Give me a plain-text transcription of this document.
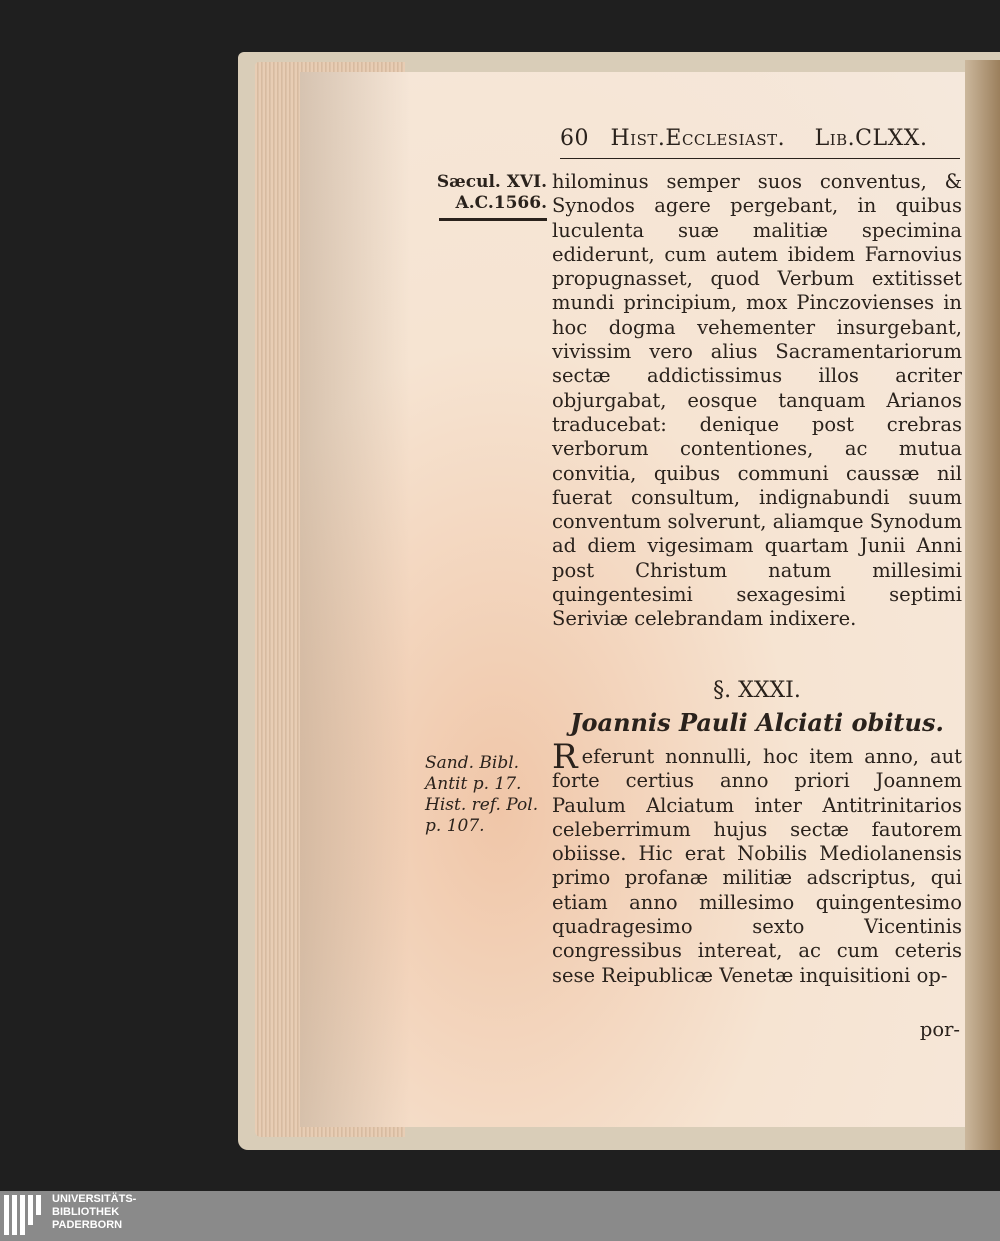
60 Hist.Ecclesiast. Lib.CLXX.
Sæcul. XVI.
A.C.1566.

hilominus semper suos conventus, & Synodos agere pergebant, in quibus luculenta suæ malitiæ specimina ediderunt, cum autem ibidem Farnovius propugnasset, quod Verbum extitisset mundi principium, mox Pinczovienses in hoc dogma vehementer insurgebant, vivissim vero alius Sacramentariorum sectæ addictissimus illos acriter objurgabat, eosque tanquam Arianos traducebat: denique post crebras verborum contentiones, ac mutua convitia, quibus communi caussæ nil fuerat consultum, indignabundi suum conventum solverunt, aliamque Synodum ad diem vigesimam quartam Junii Anni post Christum natum millesimi quingentesimi sexagesimi septimi Seriviæ celebrandam indixere.

§. XXXI.
Joannis Pauli Alciati obitus.
Sand. Bibl.
Antit p. 17.
Hist. ref. Pol.
p. 107.

Referunt nonnulli, hoc item anno, aut forte certius anno priori Joannem Paulum Alciatum inter Antitrinitarios celeberrimum hujus sectæ fautorem obiisse. Hic erat Nobilis Mediolanensis primo profanæ militiæ adscriptus, qui etiam anno millesimo quingentesimo quadragesimo sexto Vicentinis congressibus intereat, ac cum ceteris sese Reipublicæ Venetæ inquisitioni op-

por-
UNIVERSITÄTS-
BIBLIOTHEK
PADERBORN
